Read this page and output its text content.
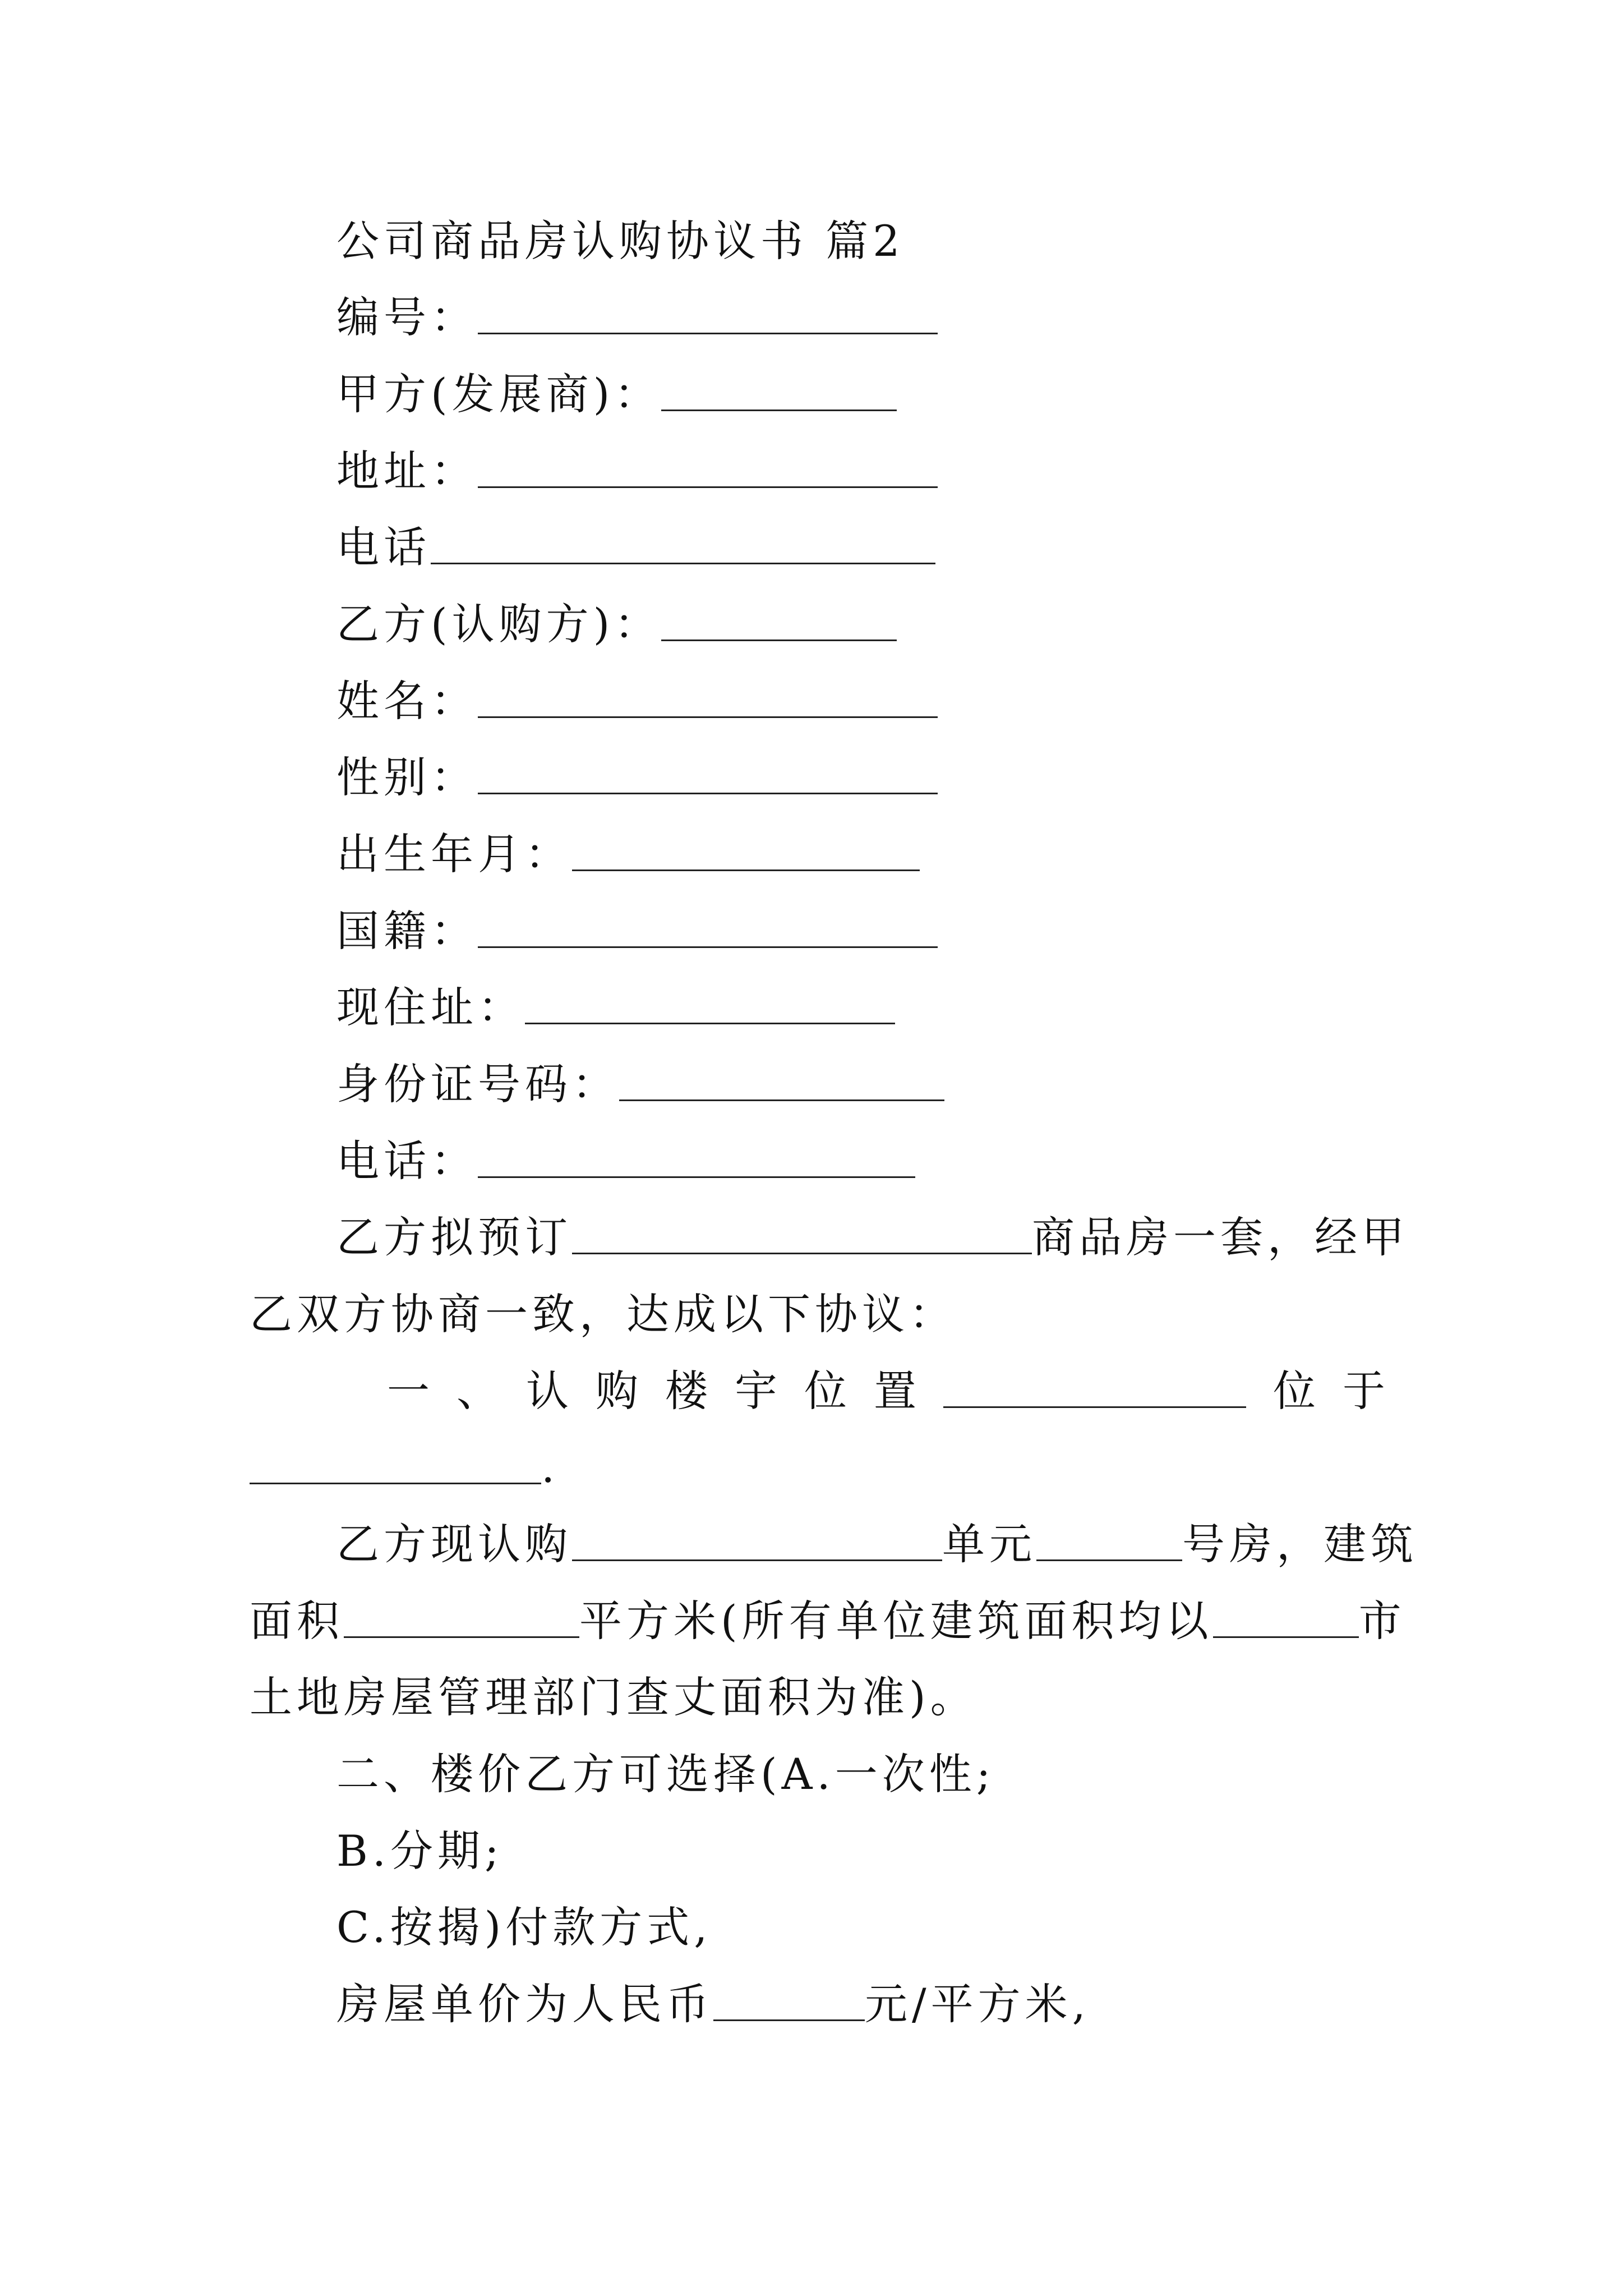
公司商品房认购协议书 篇2
编号：
甲方(发展商)：
地址：
电话
乙方(认购方)：
姓名：
性别：
出生年月：
国籍：
现住址：
身份证号码：
电话：
乙方拟预订	商品房一套，经甲
乙双方协商一致，达成以下协议：
一 、 认 购 楼 宇 位 置	位 于
.
乙方现认购	单元	号房，建筑
面积	平方米(所有单位建筑面积均以	市
土地房屋管理部门查丈面积为准)。
二、楼价乙方可选择(A.一次性;
B.分期;
C.按揭)付款方式,
房屋单价为人民币	元/平方米,
